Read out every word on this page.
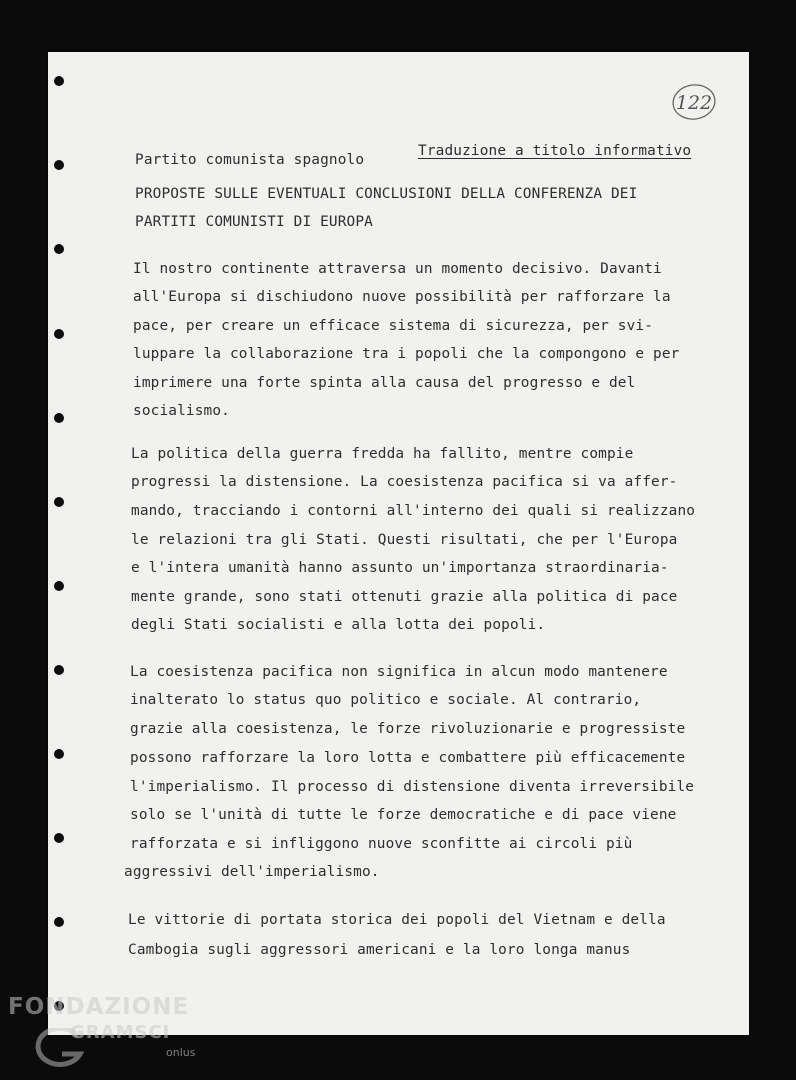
122
Traduzione a titolo informativo
Partito comunista spagnolo
PROPOSTE SULLE EVENTUALI CONCLUSIONI DELLA CONFERENZA DEI
PARTITI COMUNISTI DI EUROPA
Il nostro continente attraversa un momento decisivo. Davanti
all'Europa si dischiudono nuove possibilità per rafforzare la
pace, per creare un efficace sistema di sicurezza, per svi-
luppare la collaborazione tra i popoli che la compongono e per
imprimere una forte spinta alla causa del progresso e del
socialismo.
La politica della guerra fredda ha fallito, mentre compie
progressi la distensione. La coesistenza pacifica si va affer-
mando, tracciando i contorni all'interno dei quali si realizzano
le relazioni tra gli Stati. Questi risultati, che per l'Europa
e l'intera umanità hanno assunto un'importanza straordinaria-
mente grande, sono stati ottenuti grazie alla politica di pace
degli Stati socialisti e alla lotta dei popoli.
La coesistenza pacifica non significa in alcun modo mantenere
inalterato lo status quo politico e sociale. Al contrario,
grazie alla coesistenza, le forze rivoluzionarie e progressiste
possono rafforzare la loro lotta e combattere più efficacemente
l'imperialismo. Il processo di distensione diventa irreversibile
solo se l'unità di tutte le forze democratiche e di pace viene
rafforzata e si infliggono nuove sconfitte ai circoli più
aggressivi dell'imperialismo.
Le vittorie di portata storica dei popoli del Vietnam e della
Cambogia sugli aggressori americani e la loro longa manus
FONDAZIONE
GRAMSCI
onlus
